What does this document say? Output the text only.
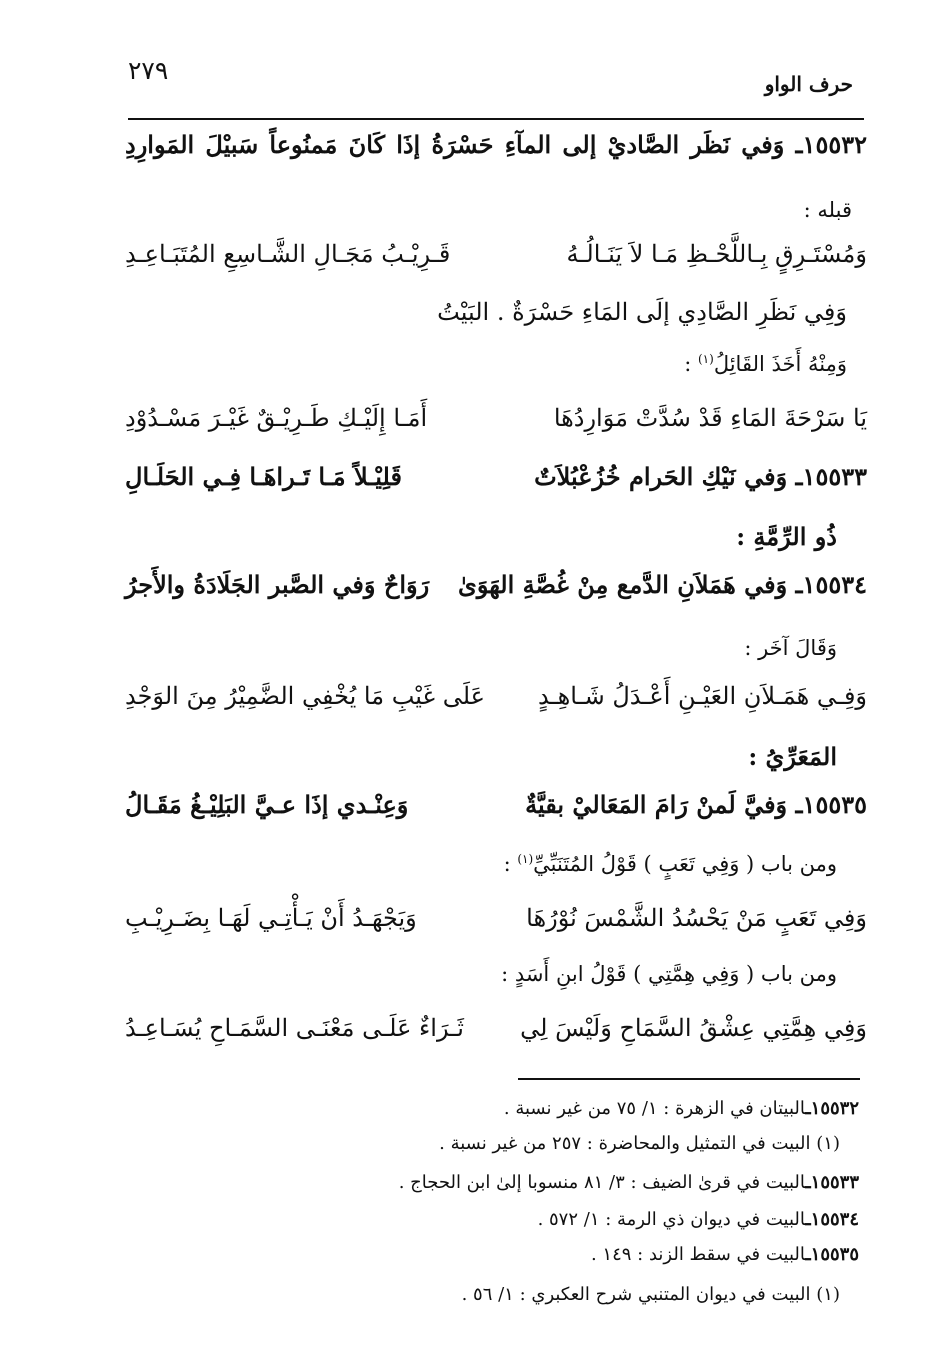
٢٧٩	حرف الواو
١٥٥٣٢ـ وَفي نَظَر الصَّاديْ إلى المآءِ حَسْرَةُ إذَا كَانَ مَمنُوعاً سَبيْلَ المَوارِدِ
قبله :
وَمُسْتَـرِقٍ بِـاللَّحْـظِ مَـا لاَ يَنَـالُـهُ
قَـرِيْـبُ مَجَـالِ الشَّـاسِعِ المُتَبَـاعِـدِ
وَفِي نَظَرِ الصَّادِي إلَى المَاءِ حَسْرَةٌ . البَيْتُ
وَمِنْهُ أَخَذَ القَائِلُ$^{(١)}$ :
يَا سَرْحَةَ المَاءِ قَدْ سُدَّتْ مَوَارِدُهَا
أَمَـا إِلَيْـكِ طَـرِيْـقٌ غَيْـرَ مَسْـدُوْدِ
١٥٥٣٣ـ وَفي نَيْكِ الحَرام خُزُعْبُلاَتٌ
قَلِيْـلاً مَـا تَـراهَـا فِـي الحَلَـالِ
ذُو الرِّمَّةِ :
١٥٥٣٤ـ وَفي هَمَلاَنِ الدَّمع مِنْ غُصَّةِ الهَوَىٰ
رَوَاحٌ وَفي الصَّبر الجَلَادَةُ والأَجرُ
وَقَالَ آخَر :
وَفِـي هَمَـلاَنِ العَيْـنِ أَعْـدَلُ شَـاهِـدٍ
عَلَى غَيْبِ مَا يُخْفِي الضَّمِيْرُ مِنَ الوَجْدِ
المَعَرِّيُ :
١٥٥٣٥ـ وَفيَّ لَمنْ رَامَ المَعَاليْ بقيَّةٌ
وَعِنْـدي إذَا عـيَّ البَلِيْـغُ مَقَـالُ
ومن باب ( وَفِي تَعَبٍ ) قَوْلُ المُتَنَبِّيِّ$^{(١)}$ :
وَفِي تَعَبٍ مَنْ يَحْسُدُ الشَّمْسَ نُوْرُهَا
وَيَجْهَـدُ أَنْ يَـأْتِـي لَهَـا بِضَـرِيْـبِ
ومن باب ( وَفِي هِمَّتِي ) قَوْلُ ابنِ أَسَدٍ :
وَفِي هِمَّتِي عِشْقُ السَّمَاحِ وَلَيْسَ لِي
ثَـرَاءٌ عَلَـى مَعْنَـى السَّمَـاحِ يُسَـاعِـدُ
١٥٥٣٢ـالبيتان في الزهرة : ١/ ٧٥ من غير نسبة .
(١) البيت في التمثيل والمحاضرة : ٢٥٧ من غير نسبة .
١٥٥٣٣ـالبيت في قرىٰ الضيف : ٣/ ٨١ منسوبا إلىٰ ابن الحجاج .
١٥٥٣٤ـالبيت في ديوان ذي الرمة : ١/ ٥٧٢ .
١٥٥٣٥ـالبيت في سقط الزند : ١٤٩ .
(١) البيت في ديوان المتنبي شرح العكبري : ١/ ٥٦ .
